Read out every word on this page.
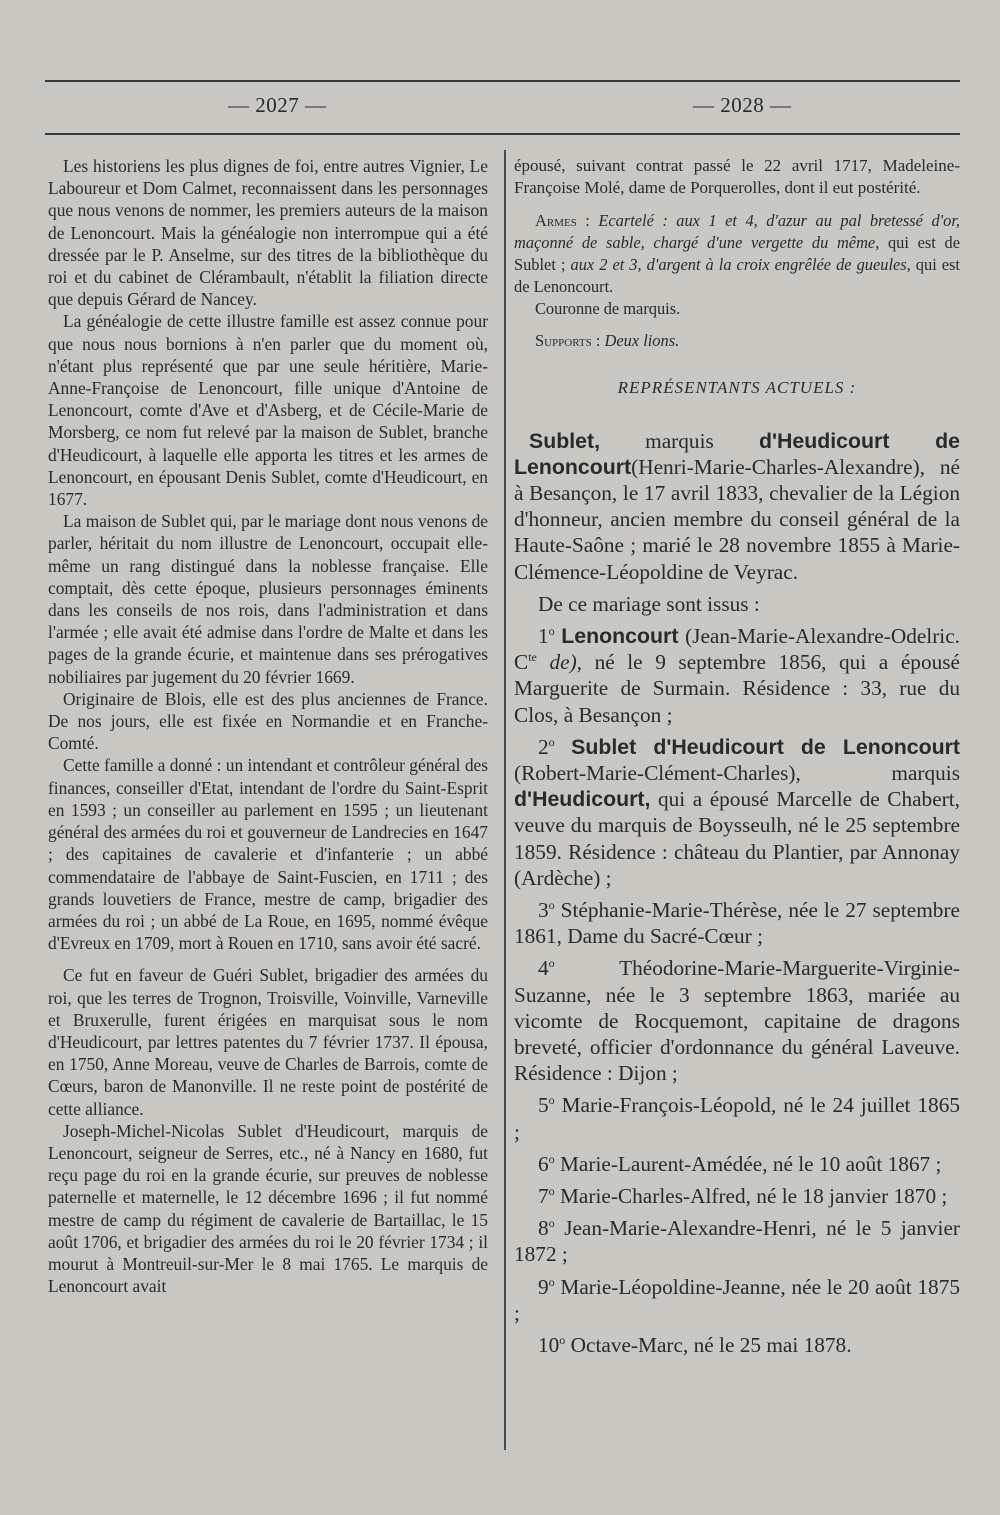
— 2027 —	— 2028 —

Les historiens les plus dignes de foi, entre autres Vignier, Le Laboureur et Dom Calmet, reconnaissent dans les personnages que nous venons de nommer, les premiers auteurs de la maison de Lenoncourt. Mais la généalogie non interrompue qui a été dressée par le P. Anselme, sur des titres de la bibliothèque du roi et du cabinet de Clérambault, n'établit la filiation directe que depuis Gérard de Nancey.

La généalogie de cette illustre famille est assez connue pour que nous nous bornions à n'en parler que du moment où, n'étant plus représenté que par une seule héritière, Marie-Anne-Françoise de Lenoncourt, fille unique d'Antoine de Lenoncourt, comte d'Ave et d'Asberg, et de Cécile-Marie de Morsberg, ce nom fut relevé par la maison de Sublet, branche d'Heudicourt, à laquelle elle apporta les titres et les armes de Lenoncourt, en épousant Denis Sublet, comte d'Heudicourt, en 1677.

La maison de Sublet qui, par le mariage dont nous venons de parler, héritait du nom illustre de Lenoncourt, occupait elle-même un rang distingué dans la noblesse française. Elle comptait, dès cette époque, plusieurs personnages éminents dans les conseils de nos rois, dans l'administration et dans l'armée ; elle avait été admise dans l'ordre de Malte et dans les pages de la grande écurie, et maintenue dans ses prérogatives nobiliaires par jugement du 20 février 1669.

Originaire de Blois, elle est des plus anciennes de France. De nos jours, elle est fixée en Normandie et en Franche-Comté.

Cette famille a donné : un intendant et contrôleur général des finances, conseiller d'Etat, intendant de l'ordre du Saint-Esprit en 1593 ; un conseiller au parlement en 1595 ; un lieutenant général des armées du roi et gouverneur de Landrecies en 1647 ; des capitaines de cavalerie et d'infanterie ; un abbé commendataire de l'abbaye de Saint-Fuscien, en 1711 ; des grands louvetiers de France, mestre de camp, brigadier des armées du roi ; un abbé de La Roue, en 1695, nommé évêque d'Evreux en 1709, mort à Rouen en 1710, sans avoir été sacré.

Ce fut en faveur de Guéri Sublet, brigadier des armées du roi, que les terres de Trognon, Troisville, Voinville, Varneville et Bruxerulle, furent érigées en marquisat sous le nom d'Heudicourt, par lettres patentes du 7 février 1737. Il épousa, en 1750, Anne Moreau, veuve de Charles de Barrois, comte de Cœurs, baron de Manonville. Il ne reste point de postérité de cette alliance.

Joseph-Michel-Nicolas Sublet d'Heudicourt, marquis de Lenoncourt, seigneur de Serres, etc., né à Nancy en 1680, fut reçu page du roi en la grande écurie, sur preuves de noblesse paternelle et maternelle, le 12 décembre 1696 ; il fut nommé mestre de camp du régiment de cavalerie de Bartaillac, le 15 août 1706, et brigadier des armées du roi le 20 février 1734 ; il mourut à Montreuil-sur-Mer le 8 mai 1765. Le marquis de Lenoncourt avait

épousé, suivant contrat passé le 22 avril 1717, Madeleine-Françoise Molé, dame de Porquerolles, dont il eut postérité.

Armes : Ecartelé : aux 1 et 4, d'azur au pal bretessé d'or, maçonné de sable, chargé d'une vergette du même, qui est de Sublet ; aux 2 et 3, d'argent à la croix engrêlée de gueules, qui est de Lenoncourt.

Couronne de marquis.

Supports : Deux lions.

REPRÉSENTANTS ACTUELS :

Sublet, marquis d'Heudicourt de Lenoncourt(Henri-Marie-Charles-Alexandre), né à Besançon, le 17 avril 1833, chevalier de la Légion d'honneur, ancien membre du conseil général de la Haute-Saône ; marié le 28 novembre 1855 à Marie-Clémence-Léopoldine de Veyrac.

De ce mariage sont issus :

1$^o$ Lenoncourt (Jean-Marie-Alexandre-Odelric. $C^{te}$ de), né le 9 septembre 1856, qui a épousé Marguerite de Surmain. Résidence : 33, rue du Clos, à Besançon ;

2$^o$ Sublet d'Heudicourt de Lenoncourt (Robert-Marie-Clément-Charles), marquis d'Heudicourt, qui a épousé Marcelle de Chabert, veuve du marquis de Boysseulh, né le 25 septembre 1859. Résidence : château du Plantier, par Annonay (Ardèche) ;

3$^o$ Stéphanie-Marie-Thérèse, née le 27 septembre 1861, Dame du Sacré-Cœur ;

4$^o$	Théodorine-Marie-Marguerite-Virginie-Suzanne, née le 3 septembre 1863, mariée au vicomte de Rocquemont, capitaine de dragons breveté, officier d'ordonnance du général Laveuve. Résidence : Dijon ;

5$^o$ Marie-François-Léopold, né le 24 juillet 1865 ;

6$^o$ Marie-Laurent-Amédée, né le 10 août 1867 ;

7$^o$ Marie-Charles-Alfred, né le 18 janvier 1870 ;

8$^o$ Jean-Marie-Alexandre-Henri, né le 5 janvier 1872 ;

9$^o$ Marie-Léopoldine-Jeanne, née le 20 août 1875 ;

10$^o$ Octave-Marc, né le 25 mai 1878.
